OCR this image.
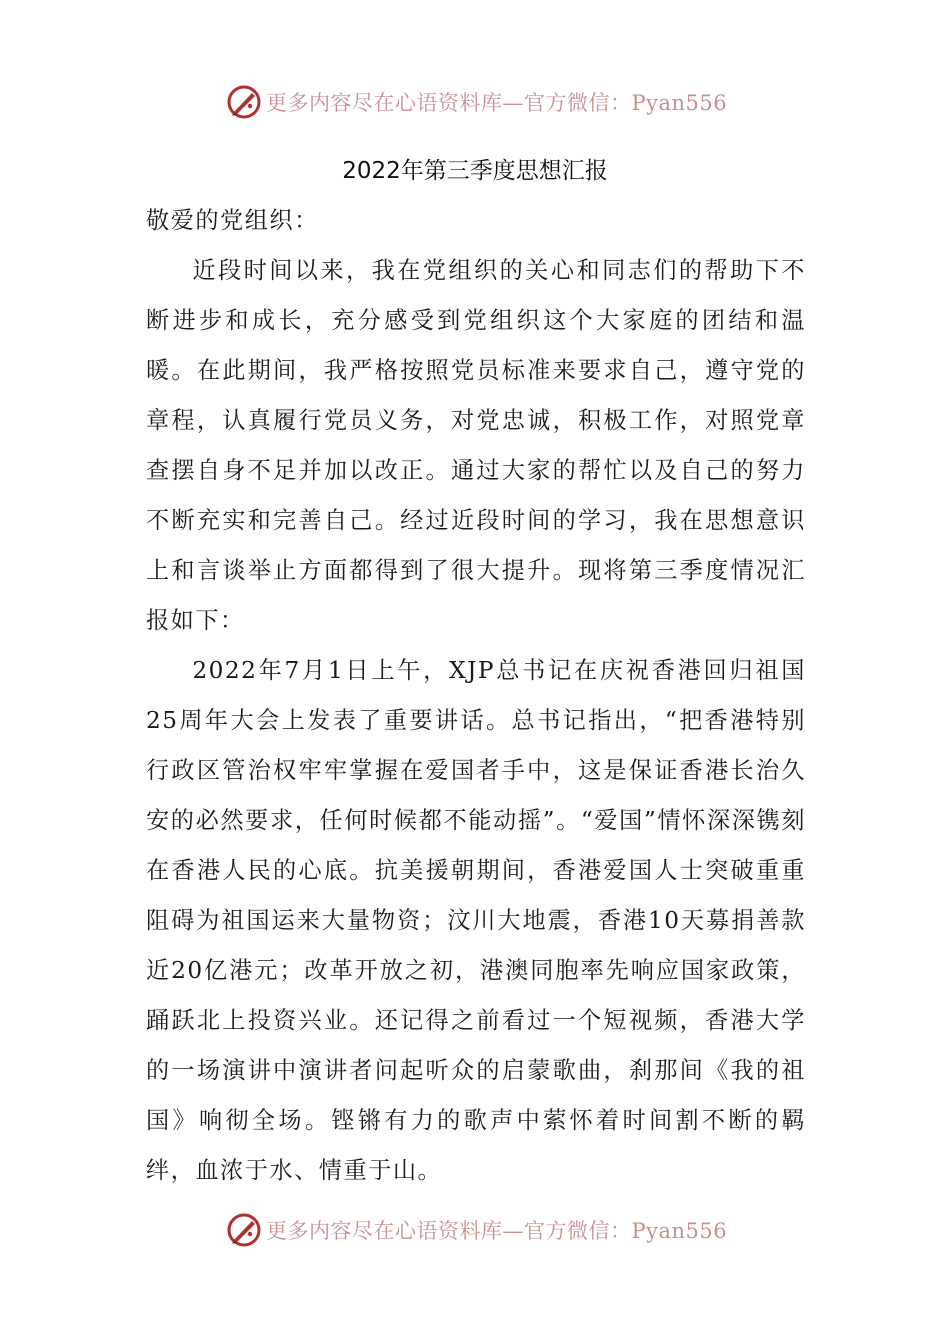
更多内容尽在心语资料库—官方微信：Pyan556
2022年第三季度思想汇报

敬爱的党组织：

近段时间以来，我在党组织的关心和同志们的帮助下不断进步和成长，充分感受到党组织这个大家庭的团结和温暖。在此期间，我严格按照党员标准来要求自己，遵守党的章程，认真履行党员义务，对党忠诚，积极工作，对照党章查摆自身不足并加以改正。通过大家的帮忙以及自己的努力不断充实和完善自己。经过近段时间的学习，我在思想意识上和言谈举止方面都得到了很大提升。现将第三季度情况汇报如下：

2022年7月1日上午，XJP总书记在庆祝香港回归祖国25周年大会上发表了重要讲话。总书记指出，“把香港特别行政区管治权牢牢掌握在爱国者手中，这是保证香港长治久安的必然要求，任何时候都不能动摇”。“爱国”情怀深深镌刻在香港人民的心底。抗美援朝期间，香港爱国人士突破重重阻碍为祖国运来大量物资；汶川大地震，香港10天募捐善款近20亿港元；改革开放之初，港澳同胞率先响应国家政策，踊跃北上投资兴业。还记得之前看过一个短视频，香港大学的一场演讲中演讲者问起听众的启蒙歌曲，刹那间《我的祖国》响彻全场。铿锵有力的歌声中萦怀着时间割不断的羁绊，血浓于水、情重于山。

更多内容尽在心语资料库—官方微信：Pyan556
